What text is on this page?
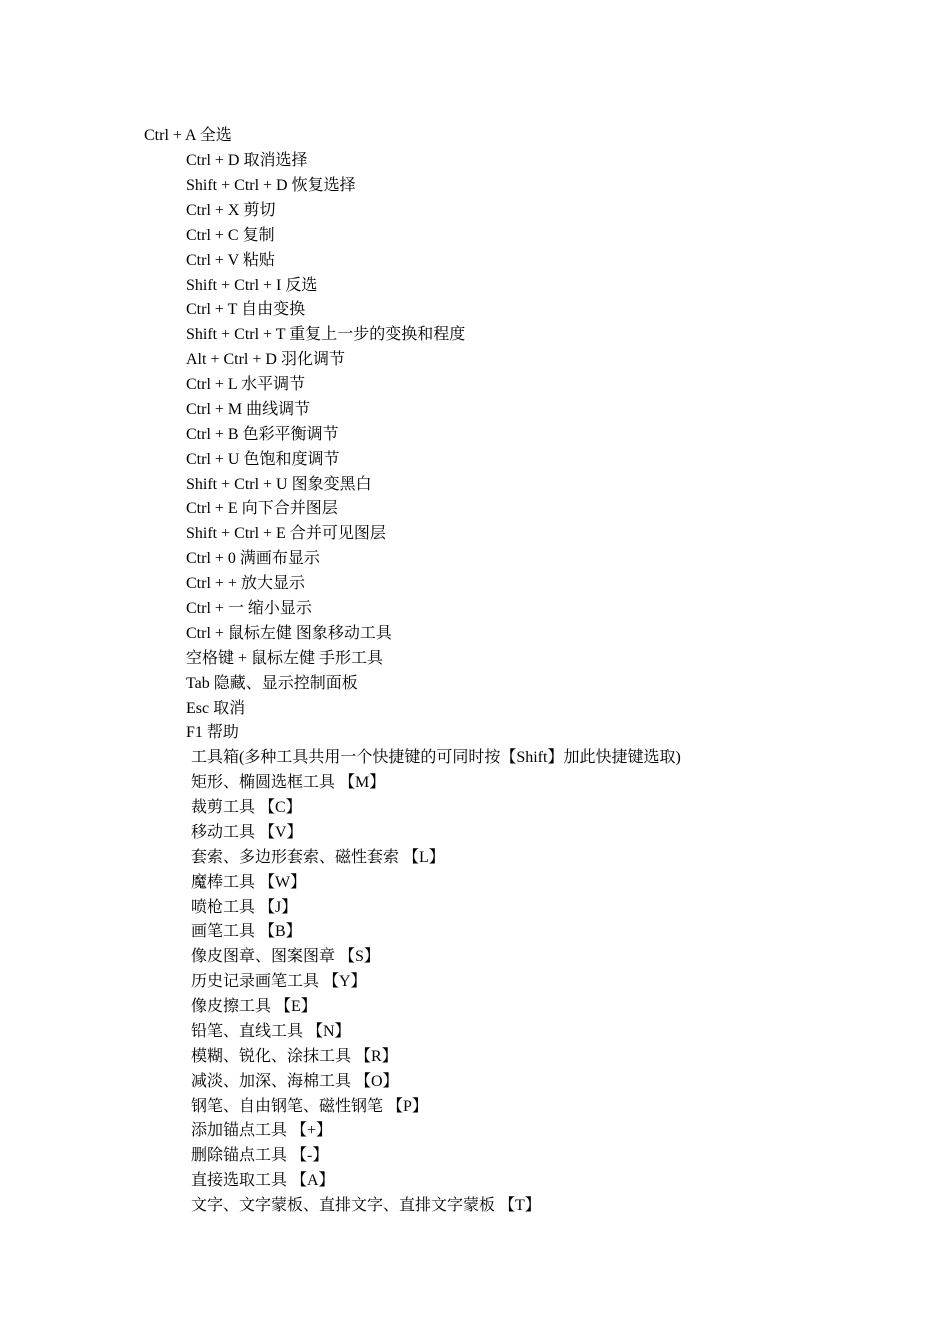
Ctrl + A 全选
Ctrl + D 取消选择
Shift + Ctrl + D 恢复选择
Ctrl + X 剪切
Ctrl + C 复制
Ctrl + V 粘贴
Shift + Ctrl + I 反选
Ctrl + T 自由变换
Shift + Ctrl + T 重复上一步的变换和程度
Alt + Ctrl + D 羽化调节
Ctrl + L 水平调节
Ctrl + M 曲线调节
Ctrl + B 色彩平衡调节
Ctrl + U 色饱和度调节
Shift + Ctrl + U 图象变黑白
Ctrl + E 向下合并图层
Shift + Ctrl + E 合并可见图层
Ctrl + 0 满画布显示
Ctrl + + 放大显示
Ctrl + 一 缩小显示
Ctrl + 鼠标左健 图象移动工具
空格键 + 鼠标左健 手形工具
Tab 隐藏、显示控制面板
Esc 取消
F1 帮助
工具箱(多种工具共用一个快捷键的可同时按【Shift】加此快捷键选取)
矩形、椭圆选框工具 【M】
裁剪工具 【C】
移动工具 【V】
套索、多边形套索、磁性套索 【L】
魔棒工具 【W】
喷枪工具 【J】
画笔工具 【B】
像皮图章、图案图章 【S】
历史记录画笔工具 【Y】
像皮擦工具 【E】
铅笔、直线工具 【N】
模糊、锐化、涂抹工具 【R】
减淡、加深、海棉工具 【O】
钢笔、自由钢笔、磁性钢笔 【P】
添加锚点工具 【+】
删除锚点工具 【-】
直接选取工具 【A】
文字、文字蒙板、直排文字、直排文字蒙板 【T】
